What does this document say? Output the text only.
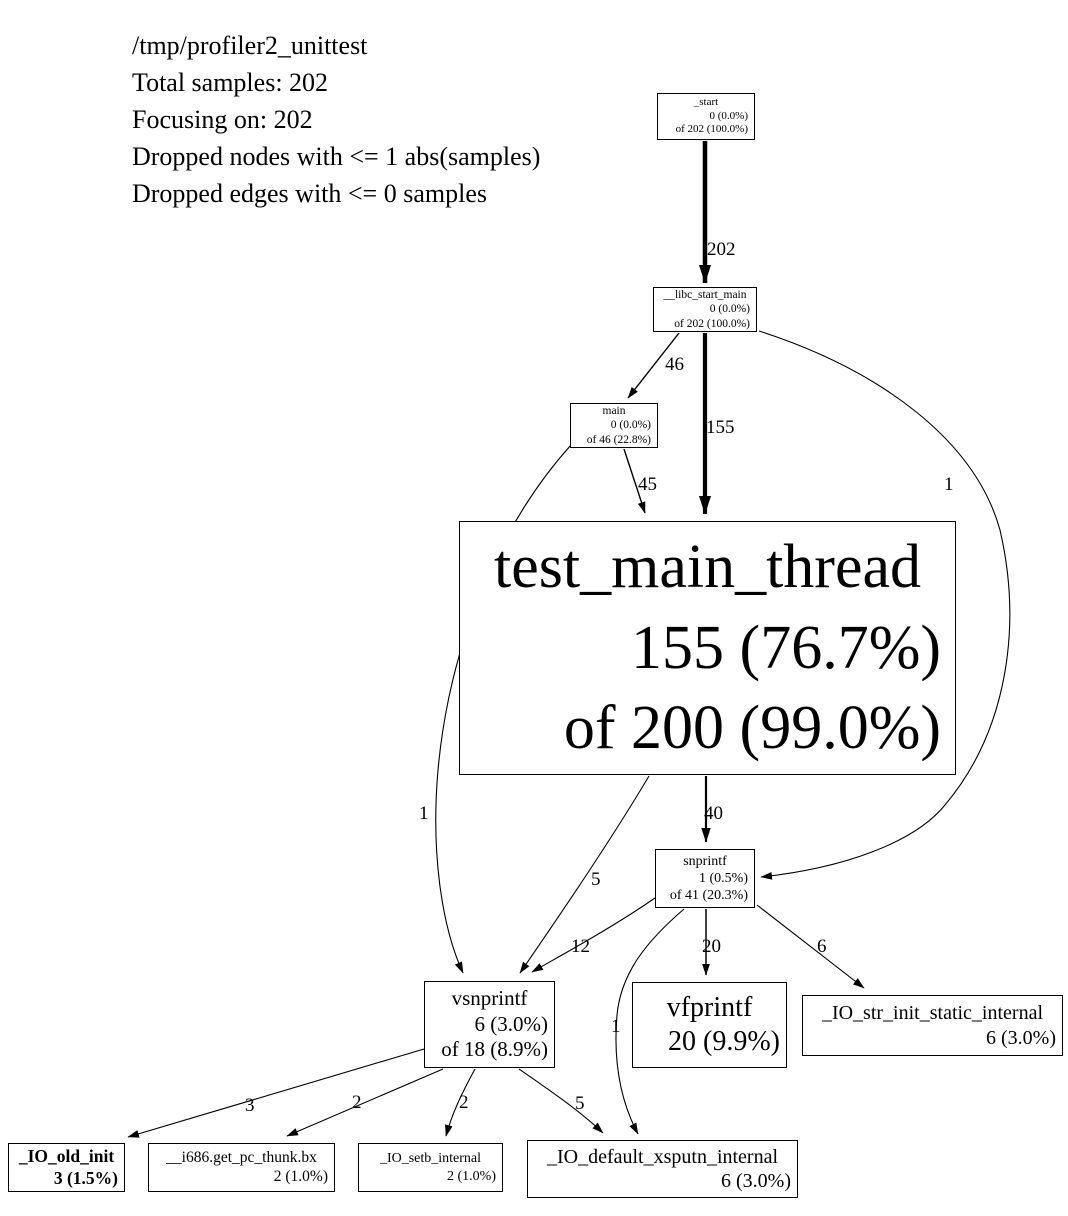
/tmp/profiler2_unittest
Total samples: 202
Focusing on: 202
Dropped nodes with <= 1 abs(samples)
Dropped edges with <= 0 samples
_start
0 (0.0%)
of 202 (100.0%)
__libc_start_main
0 (0.0%)
of 202 (100.0%)
main
0 (0.0%)
of 46 (22.8%)
test_main_thread
155 (76.7%)
of 200 (99.0%)
snprintf
1 (0.5%)
of 41 (20.3%)
vsnprintf
6 (3.0%)
of 18 (8.9%)
vfprintf
20 (9.9%)
_IO_str_init_static_internal
6 (3.0%)
_IO_old_init
3 (1.5%)
__i686.get_pc_thunk.bx
2 (1.0%)
_IO_setb_internal
2 (1.0%)
_IO_default_xsputn_internal
6 (3.0%)
202
46
155
1
45
1	40
5
12	20	6
1
3	2	2	5
